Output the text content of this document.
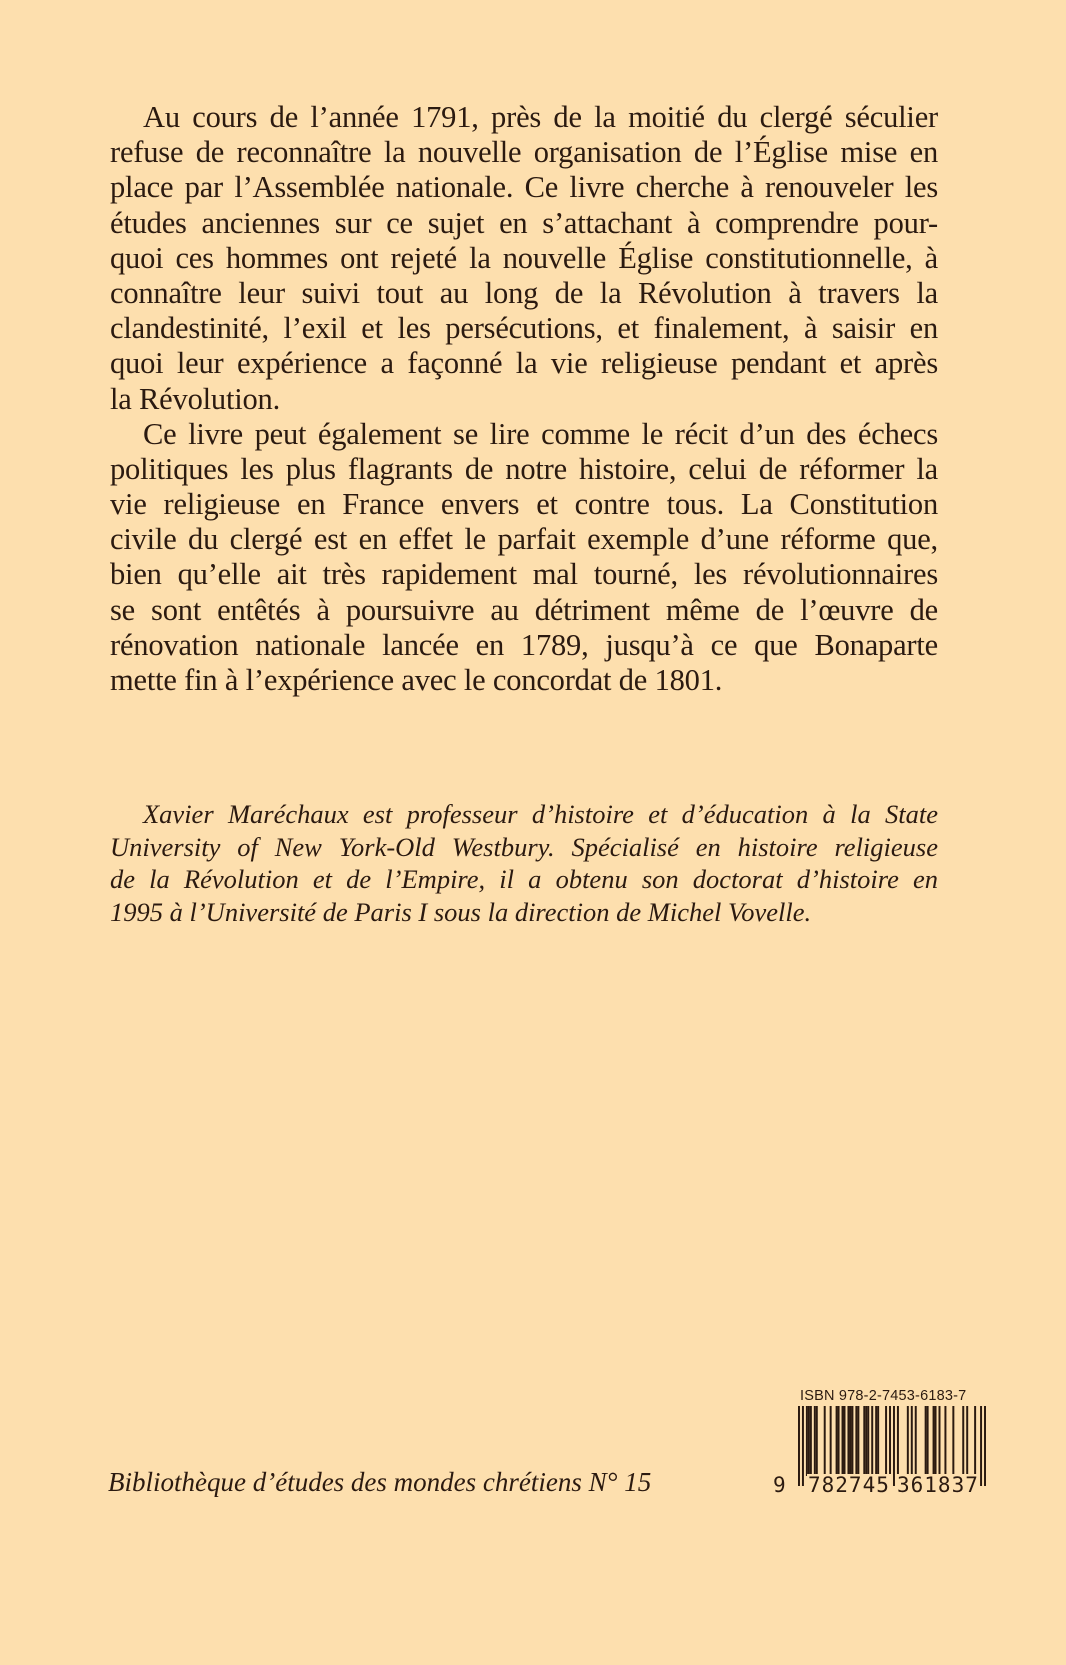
Au cours de l’année 1791, près de la moitié du clergé séculier
refuse de reconnaître la nouvelle organisation de l’Église mise en
place par l’Assemblée nationale. Ce livre cherche à renouveler les
études anciennes sur ce sujet en s’attachant à comprendre pour-
quoi ces hommes ont rejeté la nouvelle Église constitutionnelle, à
connaître leur suivi tout au long de la Révolution à travers la
clandestinité, l’exil et les persécutions, et finalement, à saisir en
quoi leur expérience a façonné la vie religieuse pendant et après
la Révolution.
Ce livre peut également se lire comme le récit d’un des échecs
politiques les plus flagrants de notre histoire, celui de réformer la
vie religieuse en France envers et contre tous. La Constitution
civile du clergé est en effet le parfait exemple d’une réforme que,
bien qu’elle ait très rapidement mal tourné, les révolutionnaires
se sont entêtés à poursuivre au détriment même de l’œuvre de
rénovation nationale lancée en 1789, jusqu’à ce que Bonaparte
mette fin à l’expérience avec le concordat de 1801.
Xavier Maréchaux est professeur d’histoire et d’éducation à la State
University of New York-Old Westbury. Spécialisé en histoire religieuse
de la Révolution et de l’Empire, il a obtenu son doctorat d’histoire en
1995 à l’Université de Paris I sous la direction de Michel Vovelle.
Bibliothèque d’études des mondes chrétiens N° 15
ISBN 978-2-7453-6183-7
9 782745 361837
